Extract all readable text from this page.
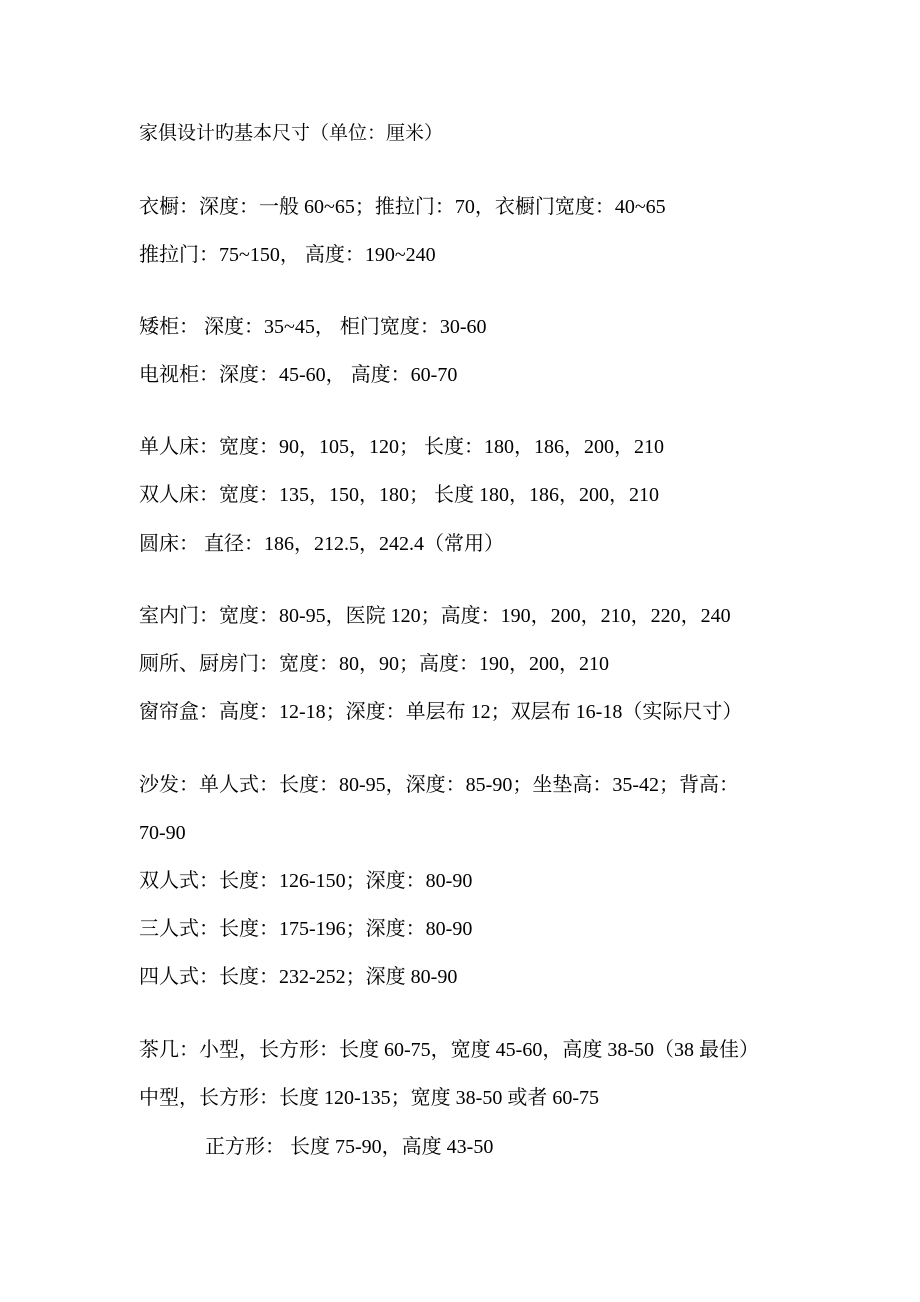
家俱设计旳基本尺寸（单位：厘米）
衣橱：深度：一般 60~65；推拉门：70，衣橱门宽度：40~65
推拉门：75~150， 高度：190~240
矮柜： 深度：35~45， 柜门宽度：30-60
电视柜：深度：45-60， 高度：60-70
单人床：宽度：90，105，120； 长度：180，186，200，210
双人床：宽度：135，150，180； 长度 180，186，200，210
圆床： 直径：186，212.5，242.4（常用）
室内门：宽度：80-95，医院 120；高度：190，200，210，220，240
厕所、厨房门：宽度：80，90；高度：190，200，210
窗帘盒：高度：12-18；深度：单层布 12；双层布 16-18（实际尺寸）
沙发：单人式：长度：80-95，深度：85-90；坐垫高：35-42；背高：
70-90
双人式：长度：126-150；深度：80-90
三人式：长度：175-196；深度：80-90
四人式：长度：232-252；深度 80-90
茶几：小型，长方形：长度 60-75，宽度 45-60，高度 38-50（38 最佳）
中型，长方形：长度 120-135；宽度 38-50 或者 60-75
正方形： 长度 75-90，高度 43-50
